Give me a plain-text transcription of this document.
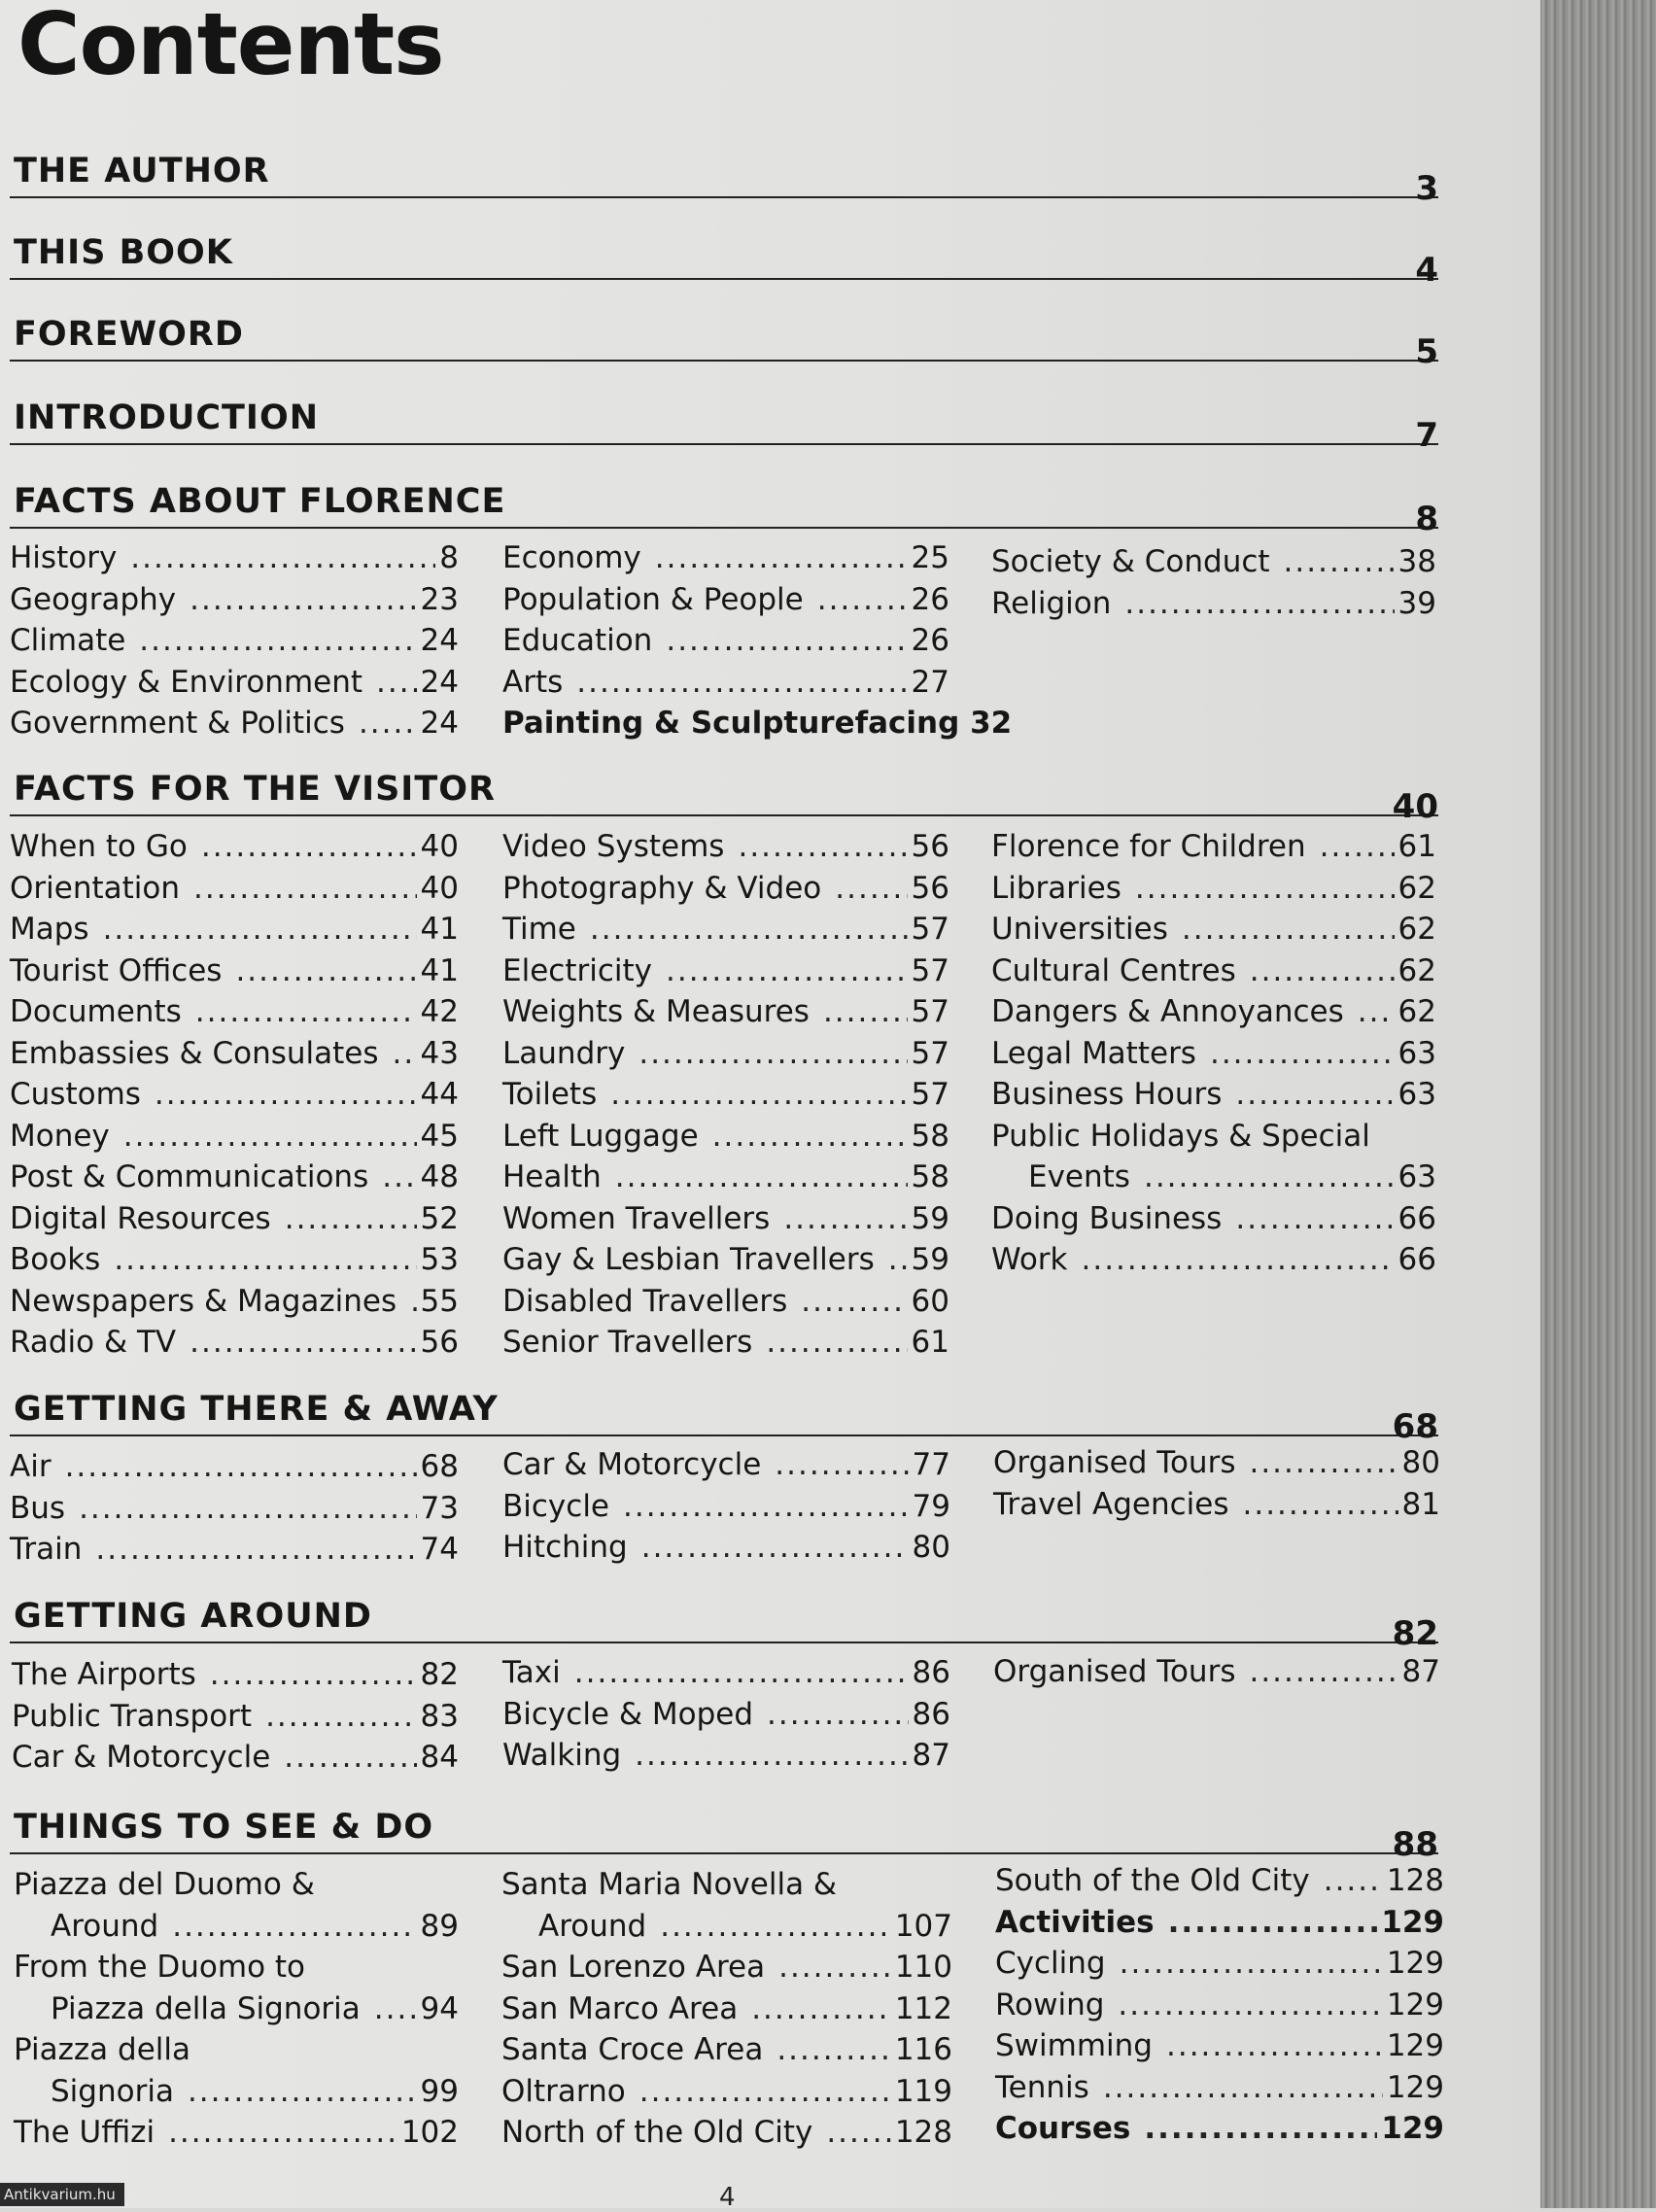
Contents
THE AUTHOR	3
THIS BOOK	4
FOREWORD	5
INTRODUCTION	7
FACTS ABOUT FLORENCE	8
History .....	8
Geography .....	23
Climate .....	24
Ecology & Environment ..... 24
Government & Politics .....	24
Economy .....	25
Population & People .....	26
Education .....	26
Arts .....	27
Painting & Sculpture facing 32
Society & Conduct .....	38
Religion .....	39
FACTS FOR THE VISITOR	40
When to Go .....	40
Orientation .....	40
Maps .....	41
Tourist Offices .....	41
Documents .....	42
Embassies & Consulates ..... 43
Customs .....	44
Money .....	45
Post & Communications ..... 48
Digital Resources .....	52
Books .....	53
Newspapers & Magazines ..... 55
Radio & TV .....	56
Video Systems .....	56
Photography & Video .....	56
Time .....	57
Electricity .....	57
Weights & Measures .....	57
Laundry .....	57
Toilets .....	57
Left Luggage .....	58
Health .....	58
Women Travellers .....	59
Gay & Lesbian Travellers ..... 59
Disabled Travellers .....	60
Senior Travellers .....	61
Florence for Children .....	61
Libraries .....	62
Universities .....	62
Cultural Centres .....	62
Dangers & Annoyances ..... 62
Legal Matters .....	63
Business Hours .....	63
Public Holidays & Special
Events .....	63
Doing Business .....	66
Work .....	66
GETTING THERE & AWAY	68
Air .....	68
Bus .....	73
Train .....	74
Car & Motorcycle .....	77
Bicycle .....	79
Hitching .....	80
Organised Tours .....	80
Travel Agencies .....	81
GETTING AROUND	82
The Airports .....	82
Public Transport .....	83
Car & Motorcycle .....	84
Taxi .....	86
Bicycle & Moped .....	86
Walking .....	87
Organised Tours .....	87
THINGS TO SEE & DO	88
Piazza del Duomo &
Around .....	89
From the Duomo to
Piazza della Signoria ..... 94
Piazza della
Signoria .....	99
The Uffizi .....	102
Santa Maria Novella &
Around .....	107
San Lorenzo Area .....	110
San Marco Area .....	112
Santa Croce Area .....	116
Oltrarno .....	119
North of the Old City .....	128
South of the Old City .....	128
Activities .....	129
Cycling .....	129
Rowing .....	129
Swimming .....	129
Tennis .....	129
Courses .....	129
Antikvarium.hu	4
